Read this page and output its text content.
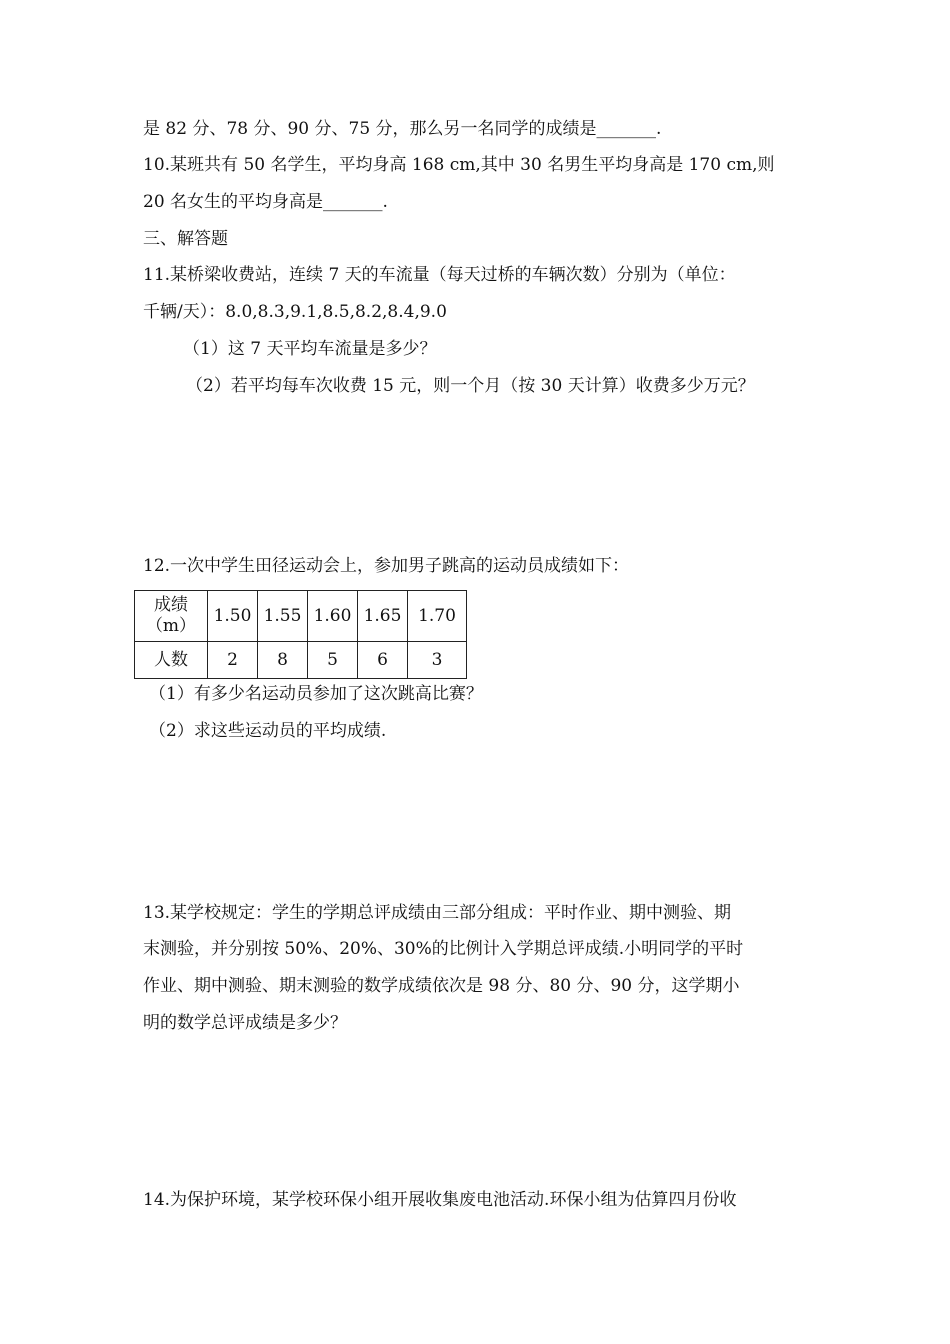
是 82 分、78 分、90 分、75 分，那么另一名同学的成绩是_______.
10.某班共有 50 名学生，平均身高 168 cm,其中 30 名男生平均身高是 170 cm,则
20 名女生的平均身高是_______.
三、解答题
11.某桥梁收费站，连续 7 天的车流量（每天过桥的车辆次数）分别为（单位：
千辆/天）：8.0,8.3,9.1,8.5,8.2,8.4,9.0
（1）这 7 天平均车流量是多少？
（2）若平均每车次收费 15 元，则一个月（按 30 天计算）收费多少万元？
12.一次中学生田径运动会上，参加男子跳高的运动员成绩如下：
成绩
（m）	1.50	1.55	1.60	1.65	1.70
人数	2	8	5	6	3
（1）有多少名运动员参加了这次跳高比赛？
（2）求这些运动员的平均成绩.
13.某学校规定：学生的学期总评成绩由三部分组成：平时作业、期中测验、期
末测验，并分别按 50%、20%、30%的比例计入学期总评成绩.小明同学的平时
作业、期中测验、期末测验的数学成绩依次是 98 分、80 分、90 分，这学期小
明的数学总评成绩是多少？
14.为保护环境，某学校环保小组开展收集废电池活动.环保小组为估算四月份收
